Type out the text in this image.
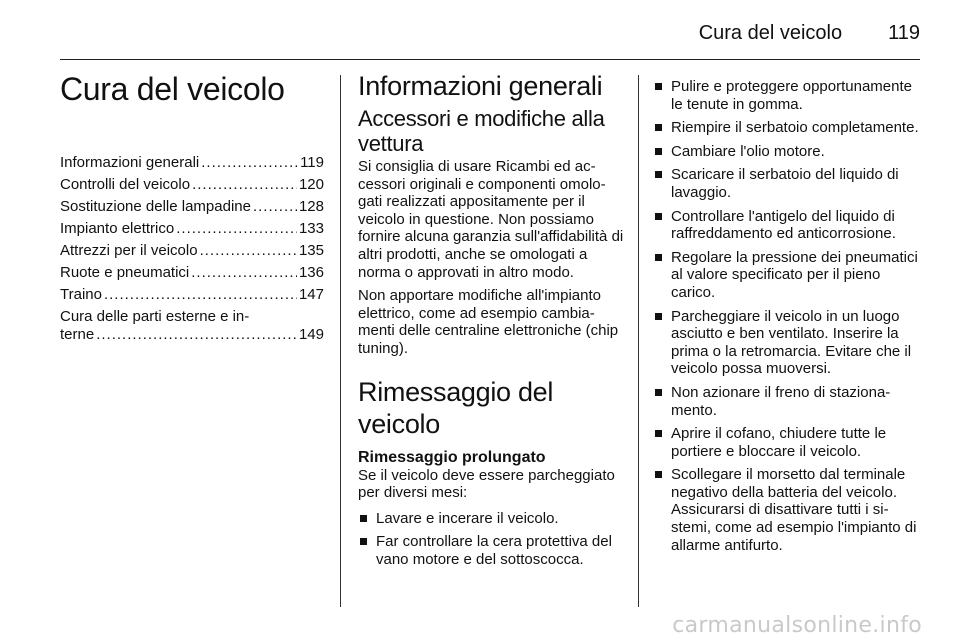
Cura del veicolo 119
Cura del veicolo
Informazioni generali .....	119
Controlli del veicolo .....	120
Sostituzione delle lampadine .....	128
Impianto elettrico .....	133
Attrezzi per il veicolo .....	135
Ruote e pneumatici .....	136
Traino .....	147
Cura delle parti esterne e in-
terne .....	149
Informazioni generali
Accessori e modifiche alla vettura

Si consiglia di usare Ricambi ed accessori originali e componenti omologati realizzati appositamente per il veicolo in questione. Non possiamo fornire alcuna garanzia sull'affidabilità di altri prodotti, anche se omologati a norma o approvati in altro modo.

Non apportare modifiche all'impianto elettrico, come ad esempio cambiamenti delle centraline elettroniche (chip tuning).

Rimessaggio del veicolo
Rimessaggio prolungato

Se il veicolo deve essere parcheggiato per diversi mesi:

Lavare e incerare il veicolo.
Far controllare la cera protettiva del vano motore e del sottoscocca.
Pulire e proteggere opportunamente le tenute in gomma.
Riempire il serbatoio completamente.
Cambiare l'olio motore.
Scaricare il serbatoio del liquido di lavaggio.
Controllare l'antigelo del liquido di raffreddamento ed anticorrosione.
Regolare la pressione dei pneumatici al valore specificato per il pieno carico.
Parcheggiare il veicolo in un luogo asciutto e ben ventilato. Inserire la prima o la retromarcia. Evitare che il veicolo possa muoversi.
Non azionare il freno di stazionamento.
Aprire il cofano, chiudere tutte le portiere e bloccare il veicolo.
Scollegare il morsetto dal terminale negativo della batteria del veicolo. Assicurarsi di disattivare tutti i sistemi, come ad esempio l'impianto di allarme antifurto.
carmanualsonline.info
